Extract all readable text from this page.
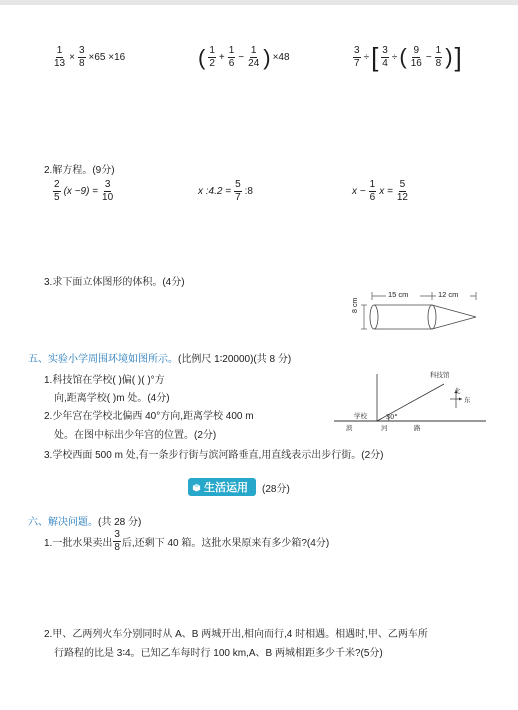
$\frac{1}{13} \times \frac{3}{8} \times 65 \times 16$	( $\frac{1}{2} + \frac{1}{6} - \frac{1}{24}$ ) ×48	$\frac{3}{7}$ ÷ [ $\frac{3}{4}$ ÷ ( $\frac{9}{16} - \frac{1}{8}$ ) ]
2.解方程。(9分)
$\frac{2}{5} (x -9) = \frac{3}{10}$	x :4.2 = $\frac{5}{7}$ :8	$x - \frac{1}{6}$ $x = \frac{5}{12}$
3.求下面立体图形的体积。(4分)
15 cm	12 cm
8 cm
五、实验小学周围环境如图所示。(比例尺 1∶20000)(共 8 分)
1.科技馆在学校( )偏( )( )°方
向,距离学校( )m 处。(4分)
2.少年宫在学校北偏西 40°方向,距离学校 400 m
处。在图中标出少年宫的位置。(2分)
3.学校西面 500 m 处,有一条步行街与滨河路垂直,用直线表示出步行街。(2分)
科技馆
北
东
学校	30°
滨	河	路
生活运用 (28分)
六、解决问题。(共 28 分)
1.一批水果卖出 $\frac{3}{8}$ 后,还剩下 40 箱。这批水果原来有多少箱?(4分)
2.甲、乙两列火车分别同时从 A、B 两城开出,相向而行,4 时相遇。相遇时,甲、乙两车所
行路程的比是 3∶4。已知乙车每时行 100 km,A、B 两城相距多少千米?(5分)
